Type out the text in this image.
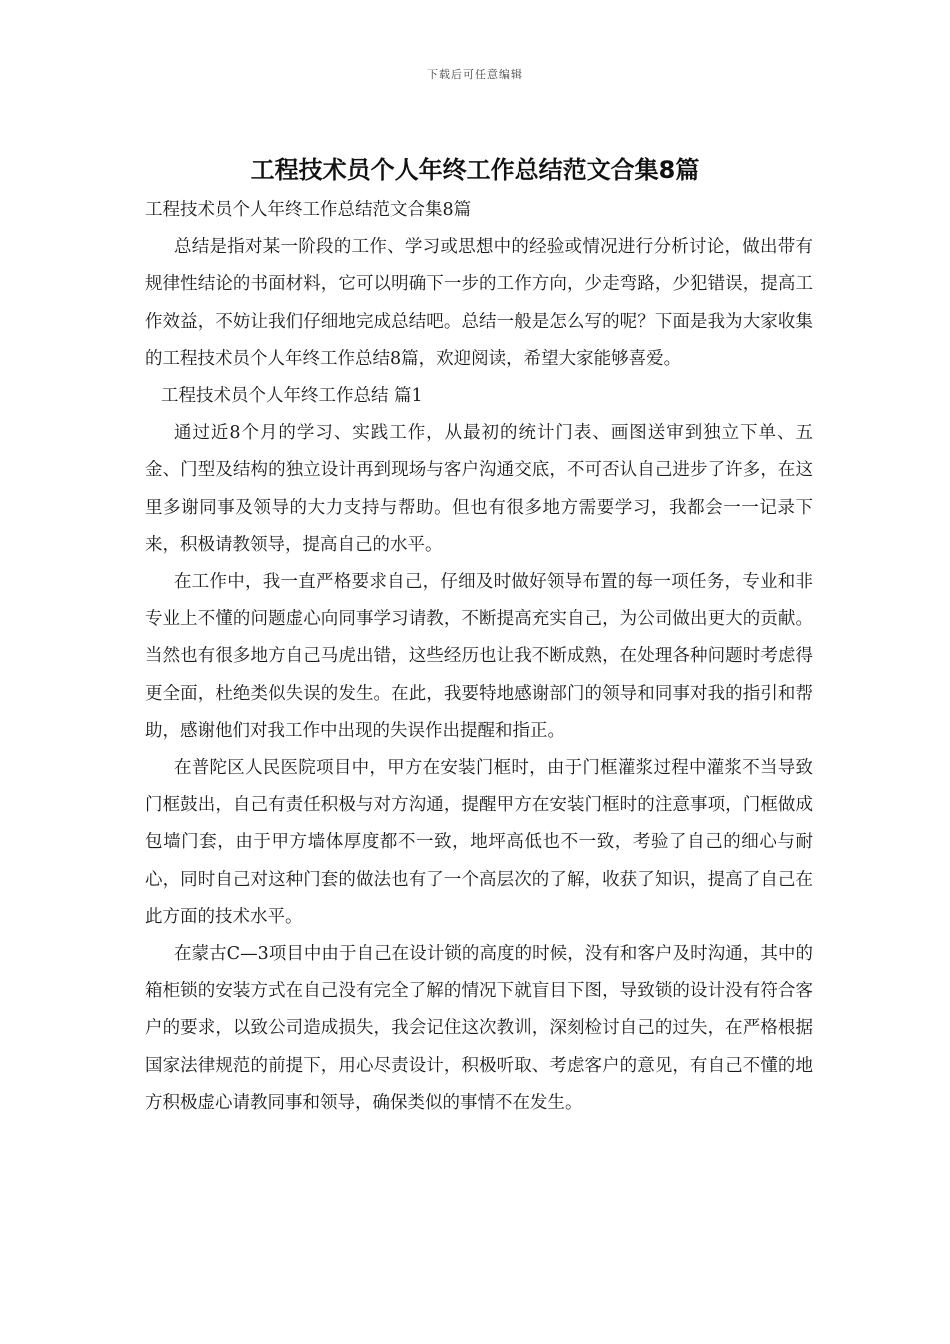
下载后可任意编辑
工程技术员个人年终工作总结范文合集8篇

工程技术员个人年终工作总结范文合集8篇

总结是指对某一阶段的工作、学习或思想中的经验或情况进行分析讨论，做出带有规律性结论的书面材料，它可以明确下一步的工作方向，少走弯路，少犯错误，提高工作效益，不妨让我们仔细地完成总结吧。总结一般是怎么写的呢？下面是我为大家收集的工程技术员个人年终工作总结8篇，欢迎阅读，希望大家能够喜爱。

工程技术员个人年终工作总结 篇1

通过近8个月的学习、实践工作，从最初的统计门表、画图送审到独立下单、五金、门型及结构的独立设计再到现场与客户沟通交底，不可否认自己进步了许多，在这里多谢同事及领导的大力支持与帮助。但也有很多地方需要学习，我都会一一记录下来，积极请教领导，提高自己的水平。

在工作中，我一直严格要求自己，仔细及时做好领导布置的每一项任务，专业和非专业上不懂的问题虚心向同事学习请教，不断提高充实自己，为公司做出更大的贡献。当然也有很多地方自己马虎出错，这些经历也让我不断成熟，在处理各种问题时考虑得更全面，杜绝类似失误的发生。在此，我要特地感谢部门的领导和同事对我的指引和帮助，感谢他们对我工作中出现的失误作出提醒和指正。

在普陀区人民医院项目中，甲方在安装门框时，由于门框灌浆过程中灌浆不当导致门框鼓出，自己有责任积极与对方沟通，提醒甲方在安装门框时的注意事项，门框做成包墙门套，由于甲方墙体厚度都不一致，地坪高低也不一致，考验了自己的细心与耐心，同时自己对这种门套的做法也有了一个高层次的了解，收获了知识，提高了自己在此方面的技术水平。

在蒙古C—3项目中由于自己在设计锁的高度的时候，没有和客户及时沟通，其中的箱柜锁的安装方式在自己没有完全了解的情况下就盲目下图，导致锁的设计没有符合客户的要求，以致公司造成损失，我会记住这次教训，深刻检讨自己的过失，在严格根据国家法律规范的前提下，用心尽责设计，积极听取、考虑客户的意见，有自己不懂的地方积极虚心请教同事和领导，确保类似的事情不在发生。
